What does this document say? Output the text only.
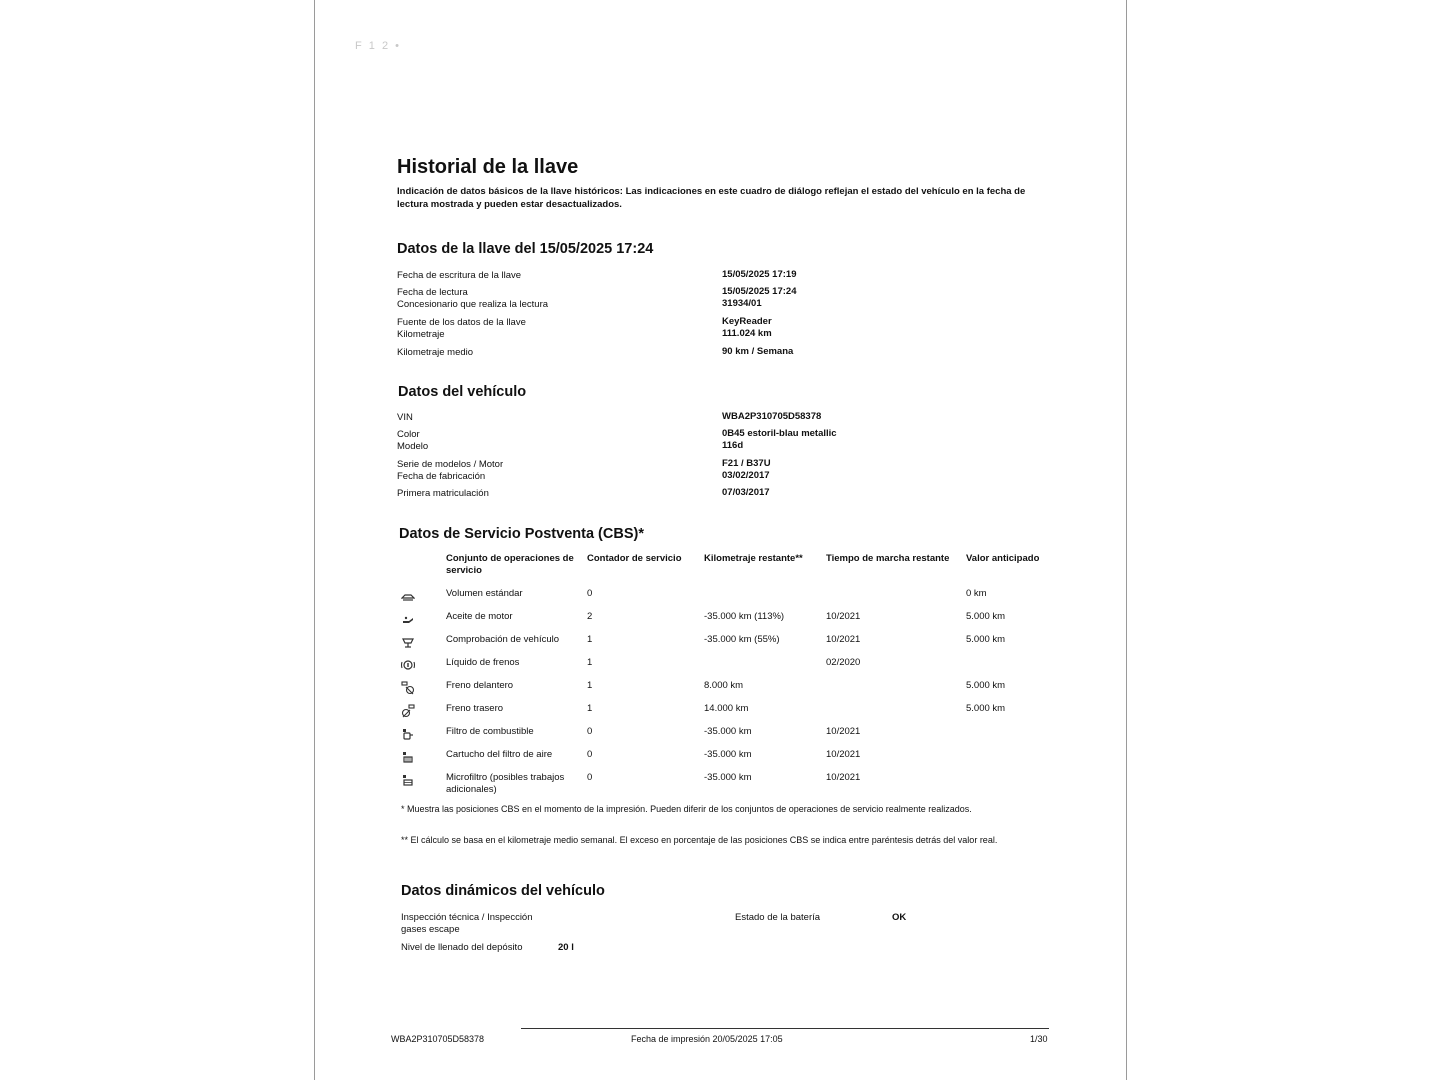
F 1 2 •
Historial de la llave
Indicación de datos básicos de la llave históricos: Las indicaciones en este cuadro de diálogo reflejan el estado del vehículo en la fecha de lectura mostrada y pueden estar desactualizados.
Datos de la llave del 15/05/2025 17:24
Fecha de escritura de la llave	15/05/2025 17:19
Fecha de lectura	15/05/2025 17:24
Concesionario que realiza la lectura	31934/01
Fuente de los datos de la llave	KeyReader
Kilometraje	111.024 km
Kilometraje medio	90 km / Semana
Datos del vehículo
VIN	WBA2P310705D58378
Color	0B45 estoril-blau metallic
Modelo	116d
Serie de modelos / Motor	F21 / B37U
Fecha de fabricación	03/02/2017
Primera matriculación	07/03/2017
Datos de Servicio Postventa (CBS)*
Conjunto de operaciones de servicio
Contador de servicio Kilometraje restante** Tiempo de marcha restante Valor anticipado
Volumen estándar	0	0 km
Aceite de motor	2	-35.000 km (113%)	10/2021	5.000 km
Comprobación de vehículo	1	-35.000 km (55%)	10/2021	5.000 km
Líquido de frenos	1	02/2020
Freno delantero	1	8.000 km	5.000 km
Freno trasero	1	14.000 km	5.000 km
Filtro de combustible	0	-35.000 km	10/2021
Cartucho del filtro de aire	0	-35.000 km	10/2021
Microfiltro (posibles trabajos adicionales)
0	-35.000 km	10/2021
* Muestra las posiciones CBS en el momento de la impresión. Pueden diferir de los conjuntos de operaciones de servicio realmente realizados.
** El cálculo se basa en el kilometraje medio semanal. El exceso en porcentaje de las posiciones CBS se indica entre paréntesis detrás del valor real.
Datos dinámicos del vehículo
Inspección técnica / Inspección gases escape
Nivel de llenado del depósito	20 l
Estado de la batería	OK
WBA2P310705D58378	Fecha de impresión 20/05/2025 17:05	1/30
